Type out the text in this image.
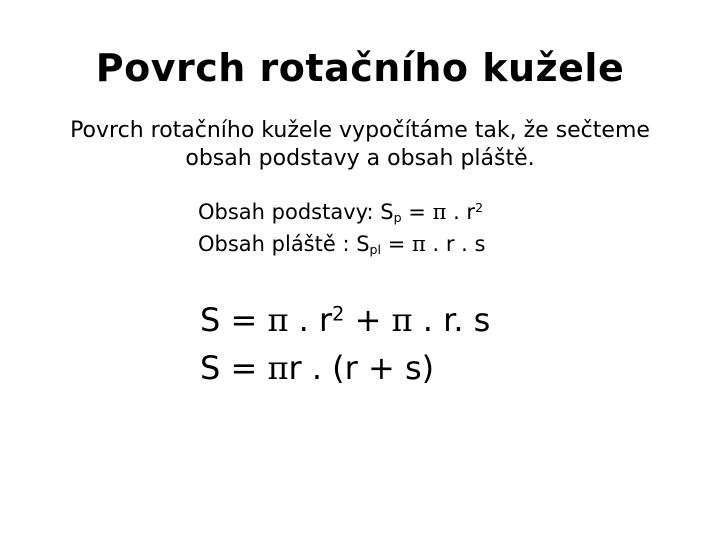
Povrch rotačního kužele
Povrch rotačního kužele vypočítáme tak, že sečteme
obsah podstavy a obsah pláště.
Obsah podstavy: $S_p = \pi$ . $r^2$
Obsah pláště : $S_{pl} = \pi$ . r . s
S = π . $r^2 + \pi$ . r. s
S = πr . (r + s)
